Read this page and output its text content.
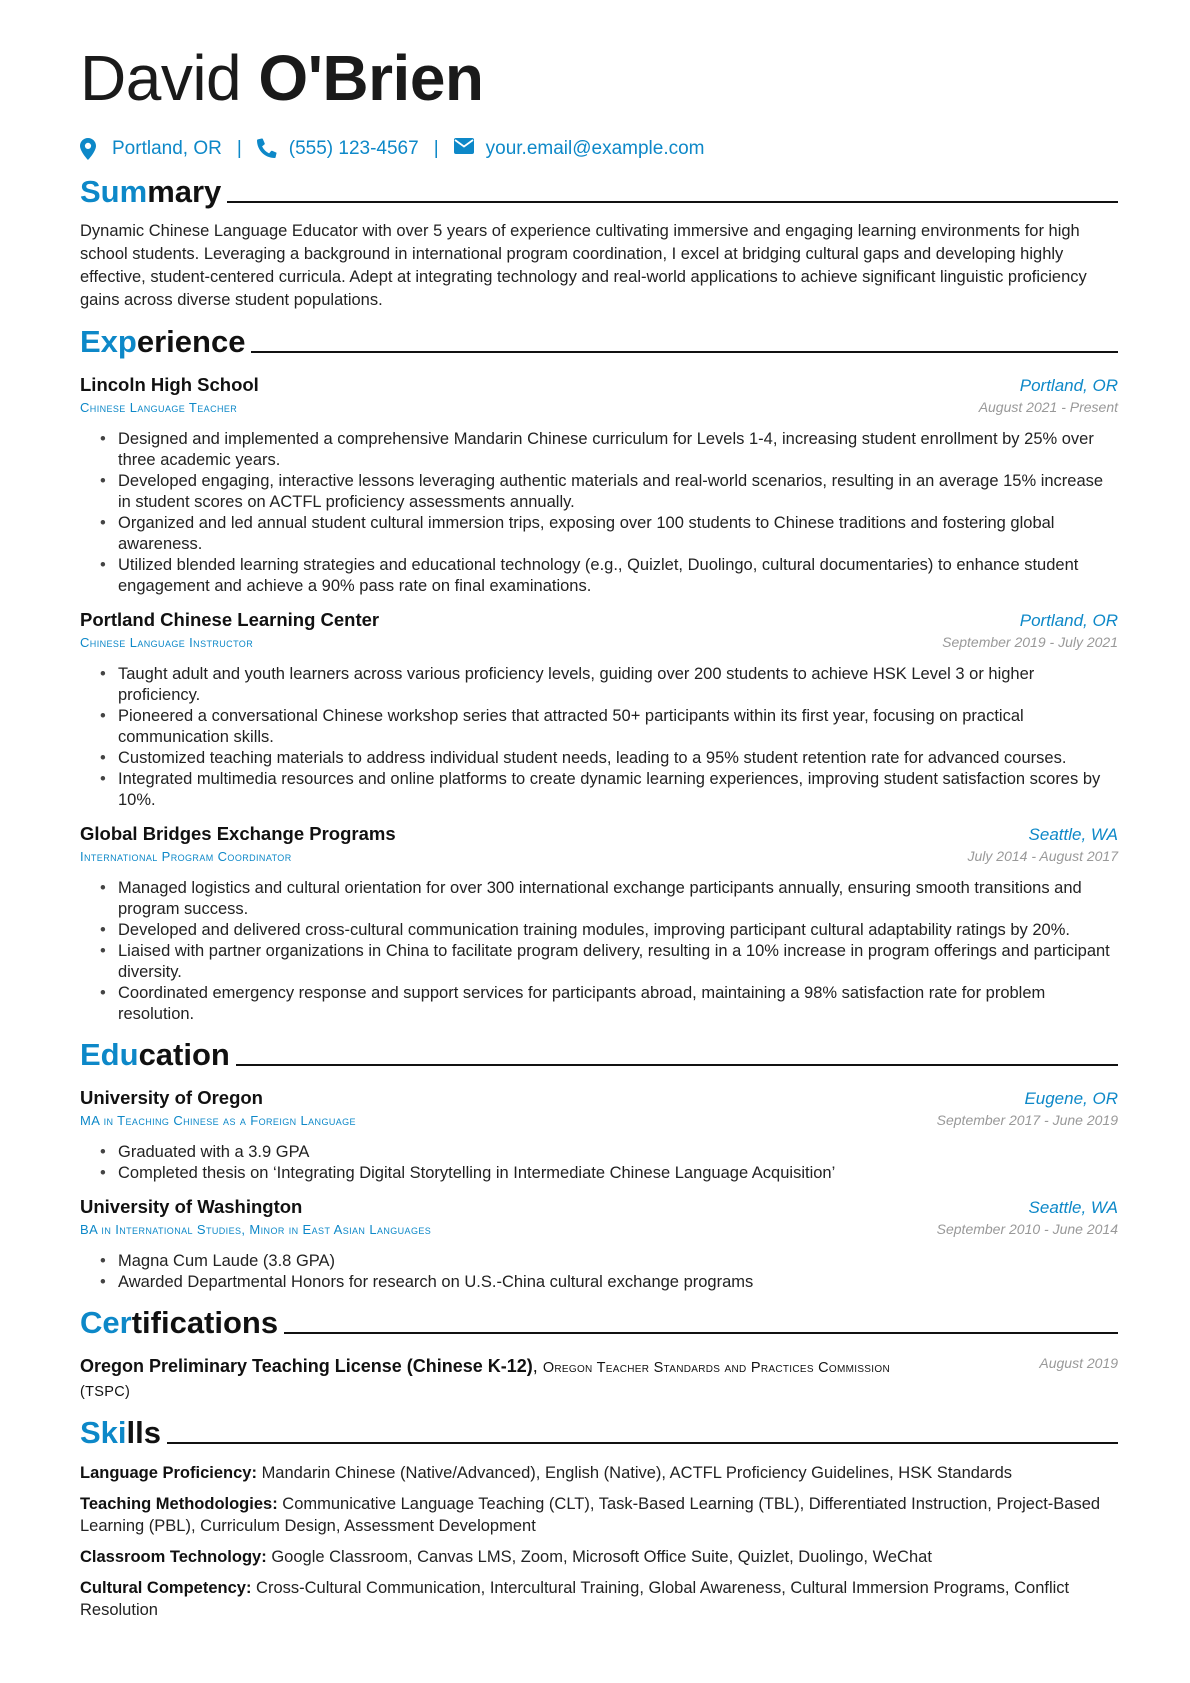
David O'Brien
Portland, OR | (555) 123-4567 | your.email@example.com
Summary

Dynamic Chinese Language Educator with over 5 years of experience cultivating immersive and engaging learning environments for high school students. Leveraging a background in international program coordination, I excel at bridging cultural gaps and developing highly effective, student-centered curricula. Adept at integrating technology and real-world applications to achieve significant linguistic proficiency gains across diverse student populations.

Experience
Lincoln High School	Portland, OR
Chinese Language Teacher	August 2021 - Present
• Designed and implemented a comprehensive Mandarin Chinese curriculum for Levels 1-4, increasing student enrollment by 25% over three academic years.
• Developed engaging, interactive lessons leveraging authentic materials and real-world scenarios, resulting in an average 15% increase in student scores on ACTFL proficiency assessments annually.
• Organized and led annual student cultural immersion trips, exposing over 100 students to Chinese traditions and fostering global awareness.
• Utilized blended learning strategies and educational technology (e.g., Quizlet, Duolingo, cultural documentaries) to enhance student engagement and achieve a 90% pass rate on final examinations.
Portland Chinese Learning Center	Portland, OR
Chinese Language Instructor	September 2019 - July 2021
• Taught adult and youth learners across various proficiency levels, guiding over 200 students to achieve HSK Level 3 or higher proficiency.
• Pioneered a conversational Chinese workshop series that attracted 50+ participants within its first year, focusing on practical communication skills.
• Customized teaching materials to address individual student needs, leading to a 95% student retention rate for advanced courses.
• Integrated multimedia resources and online platforms to create dynamic learning experiences, improving student satisfaction scores by 10%.
Global Bridges Exchange Programs	Seattle, WA
International Program Coordinator	July 2014 - August 2017
• Managed logistics and cultural orientation for over 300 international exchange participants annually, ensuring smooth transitions and program success.
• Developed and delivered cross-cultural communication training modules, improving participant cultural adaptability ratings by 20%.
• Liaised with partner organizations in China to facilitate program delivery, resulting in a 10% increase in program offerings and participant diversity.
• Coordinated emergency response and support services for participants abroad, maintaining a 98% satisfaction rate for problem resolution.
Education
University of Oregon	Eugene, OR
MA in Teaching Chinese as a Foreign Language	September 2017 - June 2019
• Graduated with a 3.9 GPA
• Completed thesis on ‘Integrating Digital Storytelling in Intermediate Chinese Language Acquisition’
University of Washington	Seattle, WA
BA in International Studies, Minor in East Asian Languages	September 2010 - June 2014
• Magna Cum Laude (3.8 GPA)
• Awarded Departmental Honors for research on U.S.-China cultural exchange programs
Certifications
Oregon Preliminary Teaching License (Chinese K-12), Oregon Teacher Standards and Practices Commission (TSPC)
August 2019
Skills
Language Proficiency: Mandarin Chinese (Native/Advanced), English (Native), ACTFL Proficiency Guidelines, HSK Standards
Teaching Methodologies: Communicative Language Teaching (CLT), Task-Based Learning (TBL), Differentiated Instruction, Project-Based Learning (PBL), Curriculum Design, Assessment Development
Classroom Technology: Google Classroom, Canvas LMS, Zoom, Microsoft Office Suite, Quizlet, Duolingo, WeChat
Cultural Competency: Cross-Cultural Communication, Intercultural Training, Global Awareness, Cultural Immersion Programs, Conflict Resolution
